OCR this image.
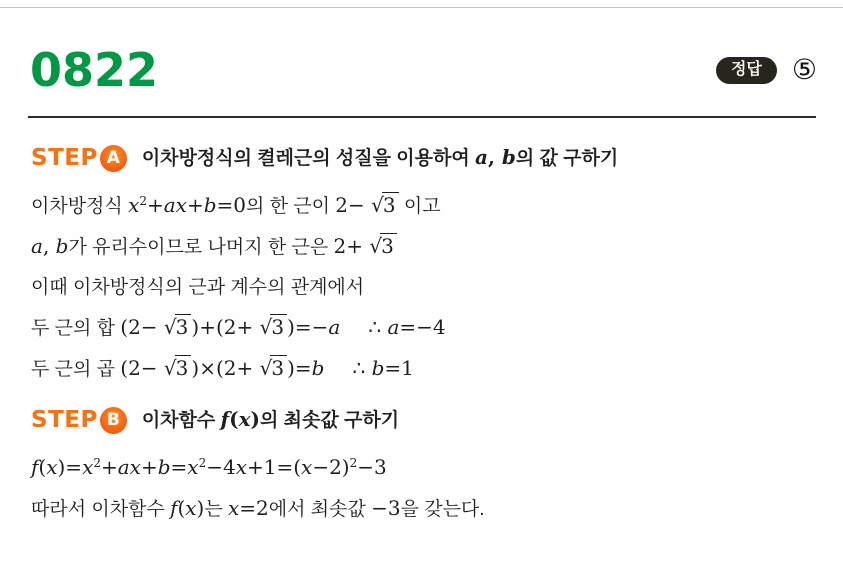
0822	정답	⑤
STEP A	이차방정식의 켤레근의 성질을 이용하여 a, b의 값 구하기
이차방정식 $x^2+ax+b=0$의 한 근이 2− √3 이고
a, b가 유리수이므로 나머지 한 근은 2+ √3
이때 이차방정식의 근과 계수의 관계에서
두 근의 합 (2− √3 )+(2+ √3 )=−a ∴ a=−4
두 근의 곱 (2− √3 )×(2+ √3 )=b ∴ b=1
STEP B	이차함수 f(x)의 최솟값 구하기
$f(x)=x^2+ax+b=x^2-4x+1=(x-2)^2-3$
따라서 이차함수 f(x)는 x=2에서 최솟값 −3을 갖는다.
